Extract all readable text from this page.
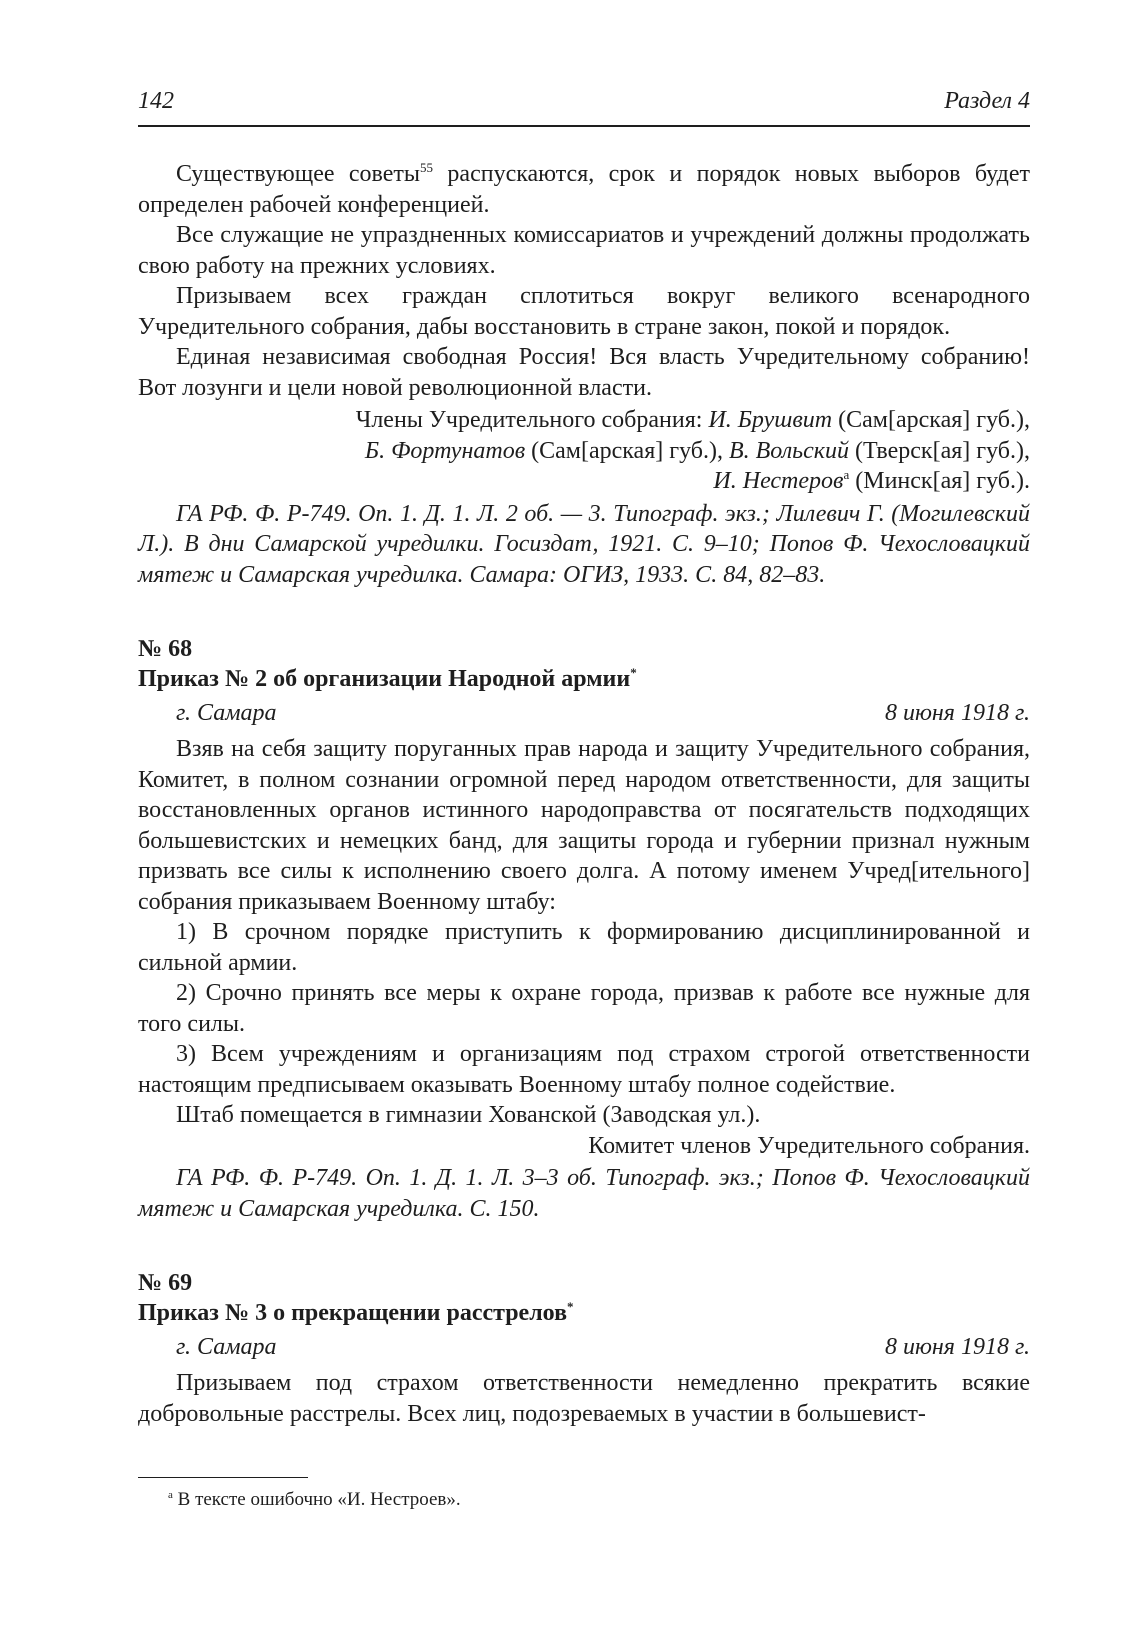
142	Раздел 4

Существующее советы$^{55}$ распускаются, срок и порядок новых выборов будет определен рабочей конференцией.

Все служащие не упраздненных комиссариатов и учреждений должны продолжать свою работу на прежних условиях.

Призываем всех граждан сплотиться вокруг великого всенародного Учредительного собрания, дабы восстановить в стране закон, покой и порядок.

Единая независимая свободная Россия! Вся власть Учредительному собранию! Вот лозунги и цели новой революционной власти.

Члены Учредительного собрания: И. Брушвит (Сам[арская] губ.),

Б. Фортунатов (Сам[арская] губ.), В. Вольский (Тверск[ая] губ.),

И. Нестеров$^а$ (Минск[ая] губ.).

ГА РФ. Ф. Р-749. Оп. 1. Д. 1. Л. 2 об. — 3. Типограф. экз.; Лилевич Г. (Могилевский Л.). В дни Самарской учредилки. Госиздат, 1921. С. 9–10; Попов Ф. Чехословацкий мятеж и Самарская учредилка. Самара: ОГИЗ, 1933. С. 84, 82–83.

№ 68
Приказ № 2 об организации Народной армии*
г. Самара	8 июня 1918 г.

Взяв на себя защиту поруганных прав народа и защиту Учредительного собрания, Комитет, в полном сознании огромной перед народом ответственности, для защиты восстановленных органов истинного народоправства от посягательств подходящих большевистских и немецких банд, для защиты города и губернии признал нужным призвать все силы к исполнению своего долга. А потому именем Учред[ительного] собрания приказываем Военному штабу:

1) В срочном порядке приступить к формированию дисциплинированной и сильной армии.

2) Срочно принять все меры к охране города, призвав к работе все нужные для того силы.

3) Всем учреждениям и организациям под страхом строгой ответственности настоящим предписываем оказывать Военному штабу полное содействие.

Штаб помещается в гимназии Хованской (Заводская ул.).

Комитет членов Учредительного собрания.

ГА РФ. Ф. Р-749. Оп. 1. Д. 1. Л. 3–3 об. Типограф. экз.; Попов Ф. Чехословацкий мятеж и Самарская учредилка. С. 150.

№ 69
Приказ № 3 о прекращении расстрелов*
г. Самара	8 июня 1918 г.

Призываем под страхом ответственности немедленно прекратить всякие добровольные расстрелы. Всех лиц, подозреваемых в участии в большевист-

$^а$ В тексте ошибочно «И. Нестроев».
